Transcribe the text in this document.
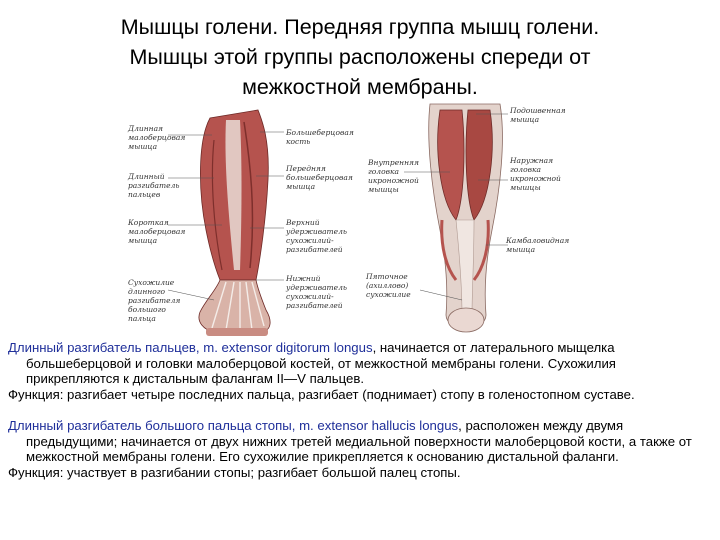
Мышцы голени. Передняя группа мышц голени.
Мышцы этой группы расположены спереди от
межкостной мембраны.
Длинная
малоберцовая
мышца
Длинный
разгибатель
пальцев
Короткая
малоберцовая
мышца
Сухожилие
длинного
разгибателя
большого
пальца
Большеберцовая
кость
Передняя
большеберцовая
мышца
Верхний
удерживатель
сухожилий-
разгибателей
Нижний
удерживатель
сухожилий-
разгибателей
Внутренняя
головка
икроножной
мышцы
Пяточное
(ахиллово)
сухожилие
Подошвенная
мышца
Наружная
головка
икроножной
мышцы
Камбаловидная
мышца

Длинный разгибатель пальцев, m. extensor digitorum longus, начинается от латерального мыщелка большеберцовой и головки малоберцовой костей, от межкостной мембраны голени. Сухожилия прикрепляются к дистальным фалангам II—V пальцев.

Функция: разгибает четыре последних пальца, разгибает (поднимает) стопу в голеностопном суставе.

Длинный разгибатель большого пальца стопы, m. extensor hallucis longus, расположен между двумя предыдущими; начинается от двух нижних третей медиальной поверхности малоберцовой кости, а также от межкостной мембраны голени. Его сухожилие прикрепляется к основанию дистальной фаланги.

Функция: участвует в разгибании стопы; разгибает большой палец стопы.
